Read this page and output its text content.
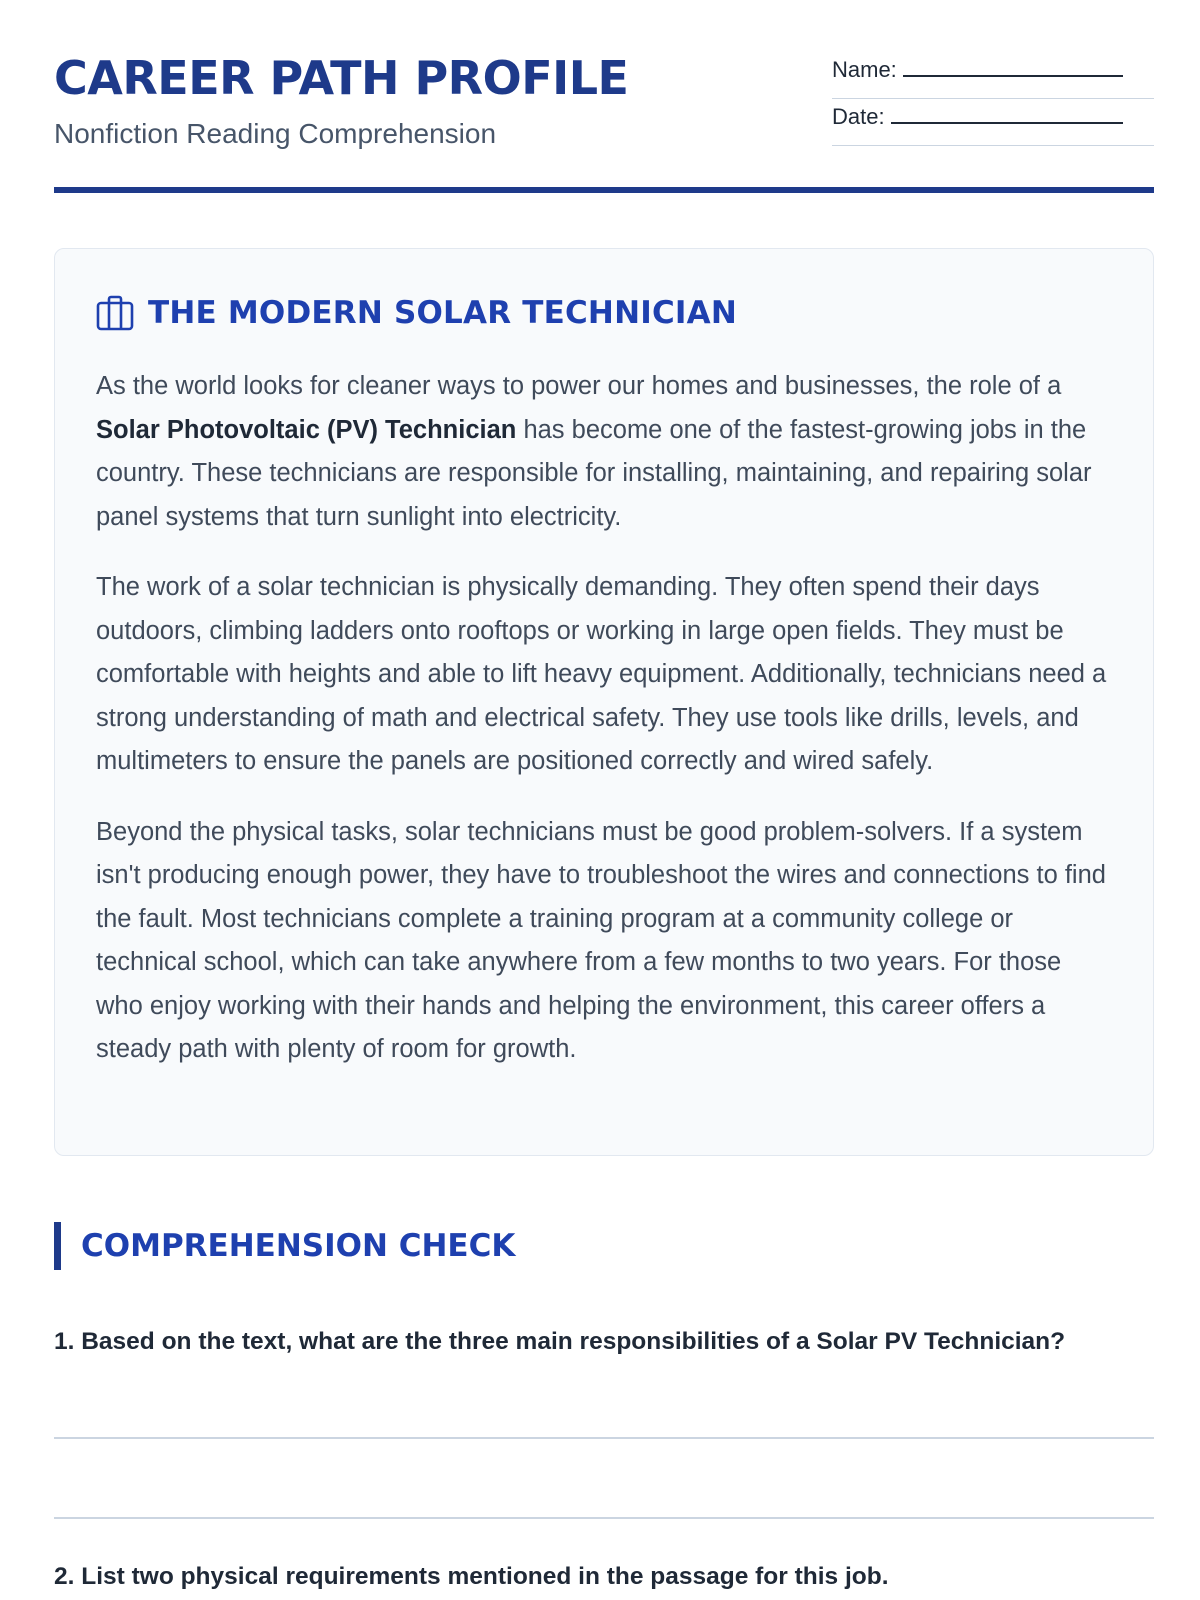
CAREER PATH PROFILE

Nonfiction Reading Comprehension

Name:
Date:
THE MODERN SOLAR TECHNICIAN

As the world looks for cleaner ways to power our homes and businesses, the role of a Solar Photovoltaic (PV) Technician has become one of the fastest-growing jobs in the country. These technicians are responsible for installing, maintaining, and repairing solar panel systems that turn sunlight into electricity.

The work of a solar technician is physically demanding. They often spend their days outdoors, climbing ladders onto rooftops or working in large open fields. They must be comfortable with heights and able to lift heavy equipment. Additionally, technicians need a strong understanding of math and electrical safety. They use tools like drills, levels, and multimeters to ensure the panels are positioned correctly and wired safely.

Beyond the physical tasks, solar technicians must be good problem-solvers. If a system isn't producing enough power, they have to troubleshoot the wires and connections to find the fault. Most technicians complete a training program at a community college or technical school, which can take anywhere from a few months to two years. For those who enjoy working with their hands and helping the environment, this career offers a steady path with plenty of room for growth.

COMPREHENSION CHECK

1. Based on the text, what are the three main responsibilities of a Solar PV Technician?

2. List two physical requirements mentioned in the passage for this job.
